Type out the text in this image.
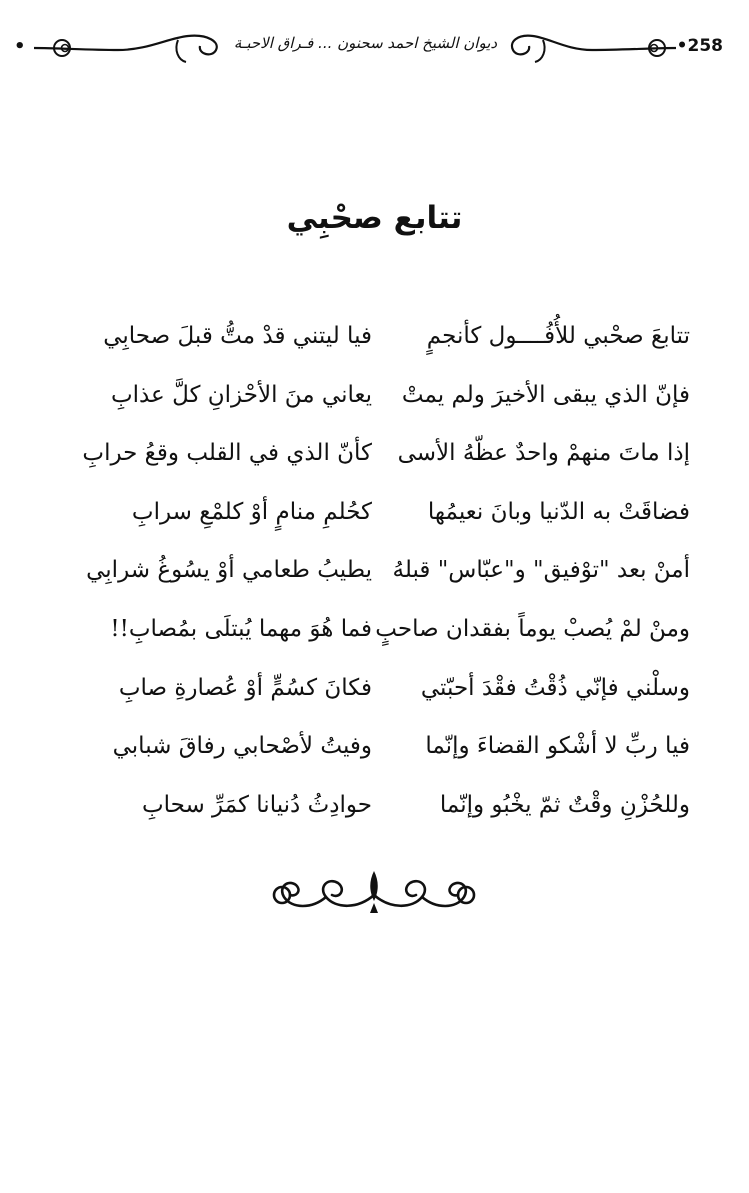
•	ديوان الشيخ احمد سحنون ... فـراق الاحبـة	•258
تتابع صحْبِي
تتابعَ صحْبي للأُفُــــول كأنجمٍ
فيا ليتني قدْ متُّ قبلَ صحابِي
فإنّ الذي يبقى الأخيرَ ولم يمتْ
يعاني منَ الأحْزانِ كلَّ عذابِ
إذا ماتَ منهمْ واحدٌ عظّهُ الأسى
كأنّ الذي في القلب وقعُ حرابِ
فضاقَتْ به الدّنيا وبانَ نعيمُها
كحُلمِ منامٍ أوْ كلمْعِ سرابِ
أمنْ بعد "توْفيق" و"عبّاس" قبلهُ
يطيبُ طعامي أوْ يسُوغُ شرابِي
ومنْ لمْ يُصبْ يوماً بفقدان صاحبٍ
فما هُوَ مهما يُبتلَى بمُصابِ!!
وسلْني فإنّي ذُقْتُ فقْدَ أحبّتي
فكانَ كسُمٍّ أوْ عُصارةِ صابِ
فيا ربِّ لا أشْكو القضاءَ وإنّما
وفيتُ لأصْحابي رفاقَ شبابي
وللحُزْنِ وقْتٌ ثمّ يخْبُو وإنّما
حوادِثُ دُنيانا كمَرِّ سحابِ
